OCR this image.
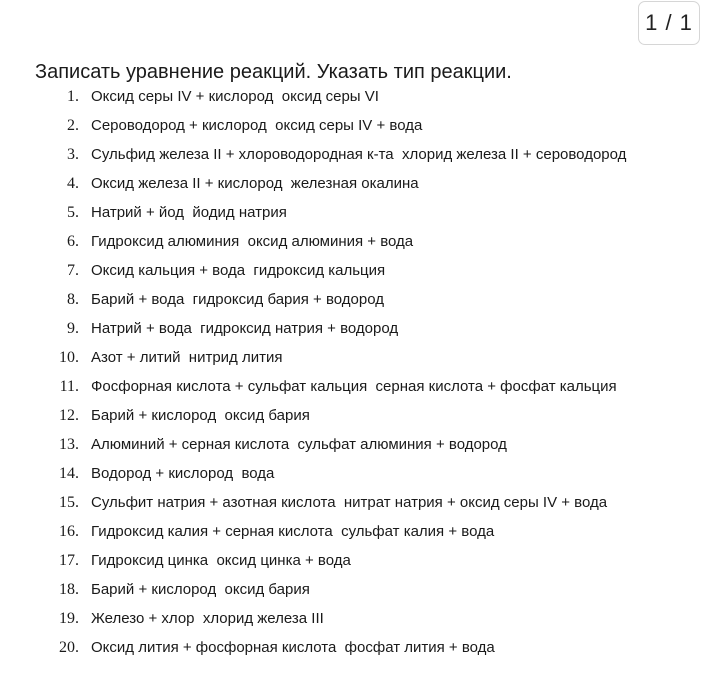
1 / 1
Записать уравнение реакций. Указать тип реакции.
1. Оксид серы IV + кислород  оксид серы VI
2. Сероводород + кислород  оксид серы IV + вода
3. Сульфид железа II + хлороводородная к-та  хлорид железа II + сероводород
4. Оксид железа II + кислород  железная окалина
5. Натрий + йод  йодид натрия
6. Гидроксид алюминия  оксид алюминия + вода
7. Оксид кальция + вода  гидроксид кальция
8. Барий + вода  гидроксид бария + водород
9. Натрий + вода  гидроксид натрия + водород
10. Азот + литий  нитрид лития
11. Фосфорная кислота + сульфат кальция  серная кислота + фосфат кальция
12. Барий + кислород  оксид бария
13. Алюминий + серная кислота  сульфат алюминия + водород
14. Водород + кислород  вода
15. Сульфит натрия + азотная кислота  нитрат натрия + оксид серы IV + вода
16. Гидроксид калия + серная кислота  сульфат калия + вода
17. Гидроксид цинка  оксид цинка + вода
18. Барий + кислород  оксид бария
19. Железо + хлор  хлорид железа III
20. Оксид лития + фосфорная кислота  фосфат лития + вода
